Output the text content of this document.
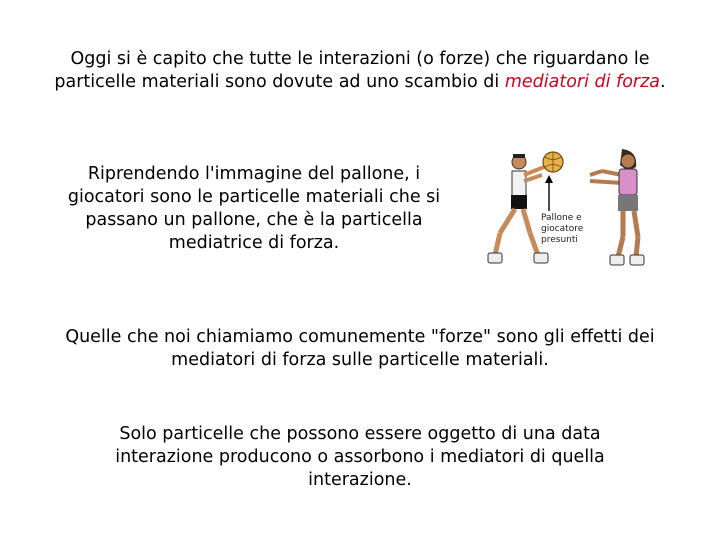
Oggi si è capito che tutte le interazioni (o forze) che riguardano le particelle materiali sono dovute ad uno scambio di mediatori di forza.

Riprendendo l'immagine del pallone, i giocatori sono le particelle materiali che si passano un pallone, che è la particella mediatrice di forza.

Pallone e
giocatore
presunti

Quelle che noi chiamiamo comunemente "forze" sono gli effetti dei mediatori di forza sulle particelle materiali.

Solo particelle che possono essere oggetto di una data interazione producono o assorbono i mediatori di quella interazione.
